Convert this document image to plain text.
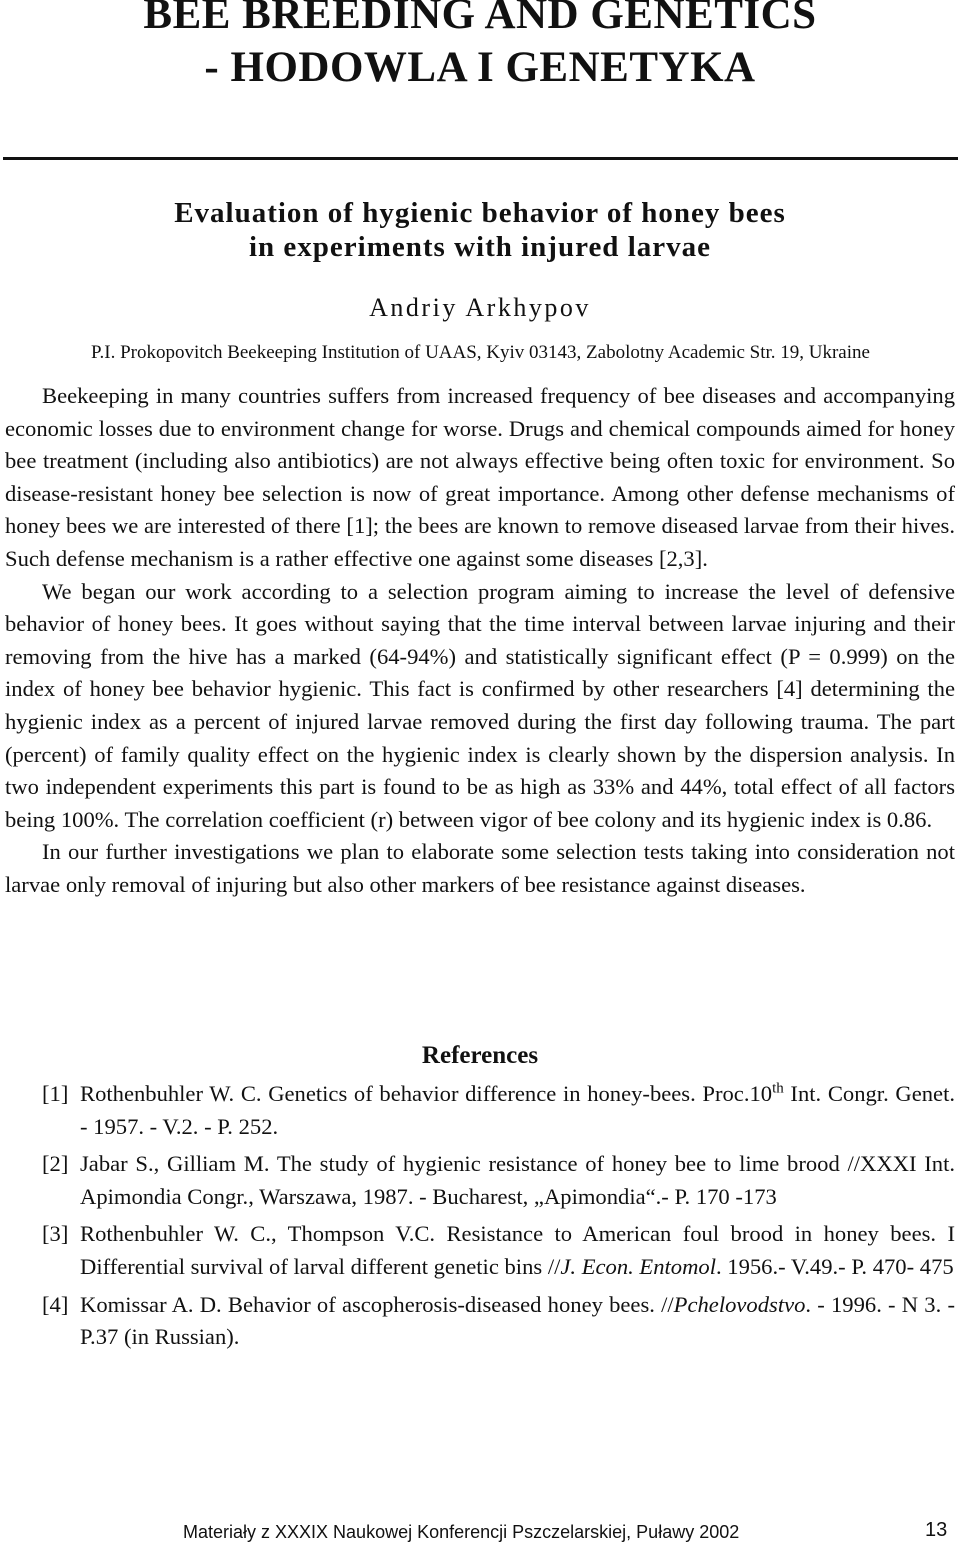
BEE BREEDING AND GENETICS
- HODOWLA I GENETYKA
Evaluation of hygienic behavior of honey bees
in experiments with injured larvae
Andriy Arkhypov
P.I. Prokopovitch Beekeeping Institution of UAAS, Kyiv 03143, Zabolotny Academic Str. 19, Ukraine

Beekeeping in many countries suffers from increased frequency of bee diseases and accompanying economic losses due to environment change for worse. Drugs and chemical compounds aimed for honey bee treatment (including also antibiotics) are not always effective being often toxic for environment. So disease-resistant honey bee selection is now of great importance. Among other defense mechanisms of honey bees we are interested of there [1]; the bees are known to remove diseased larvae from their hives. Such defense mechanism is a rather effective one against some diseases [2,3].

We began our work according to a selection program aiming to increase the level of defensive behavior of honey bees. It goes without saying that the time interval between larvae injuring and their removing from the hive has a marked (64-94%) and statistically significant effect (P = 0.999) on the index of honey bee behavior hygienic. This fact is confirmed by other researchers [4] determining the hygienic index as a percent of injured larvae removed during the first day following trauma. The part (percent) of family quality effect on the hygienic index is clearly shown by the dispersion analysis. In two independent experiments this part is found to be as high as 33% and 44%, total effect of all factors being 100%. The correlation coefficient (r) between vigor of bee colony and its hygienic index is 0.86.

In our further investigations we plan to elaborate some selection tests taking into consideration not larvae only removal of injuring but also other markers of bee resistance against diseases.

References
[1] Rothenbuhler W. C. Genetics of behavior difference in honey-bees. Proc.10th Int. Congr. Genet. - 1957. - V.2. - P. 252.
[2] Jabar S., Gilliam M. The study of hygienic resistance of honey bee to lime brood //XXXI Int. Apimondia Congr., Warszawa, 1987. - Bucharest, „Apimondia“.- P. 170 -173
[3] Rothenbuhler W. C., Thompson V.C. Resistance to American foul brood in honey bees. I Differential survival of larval different genetic bins //J. Econ. Entomol. 1956.- V.49.- P. 470- 475
[4] Komissar A. D. Behavior of ascopherosis-diseased honey bees. //Pchelovodstvo. - 1996. - N 3. - P.37 (in Russian).
Materiały z XXXIX Naukowej Konferencji Pszczelarskiej, Puławy 2002	13
